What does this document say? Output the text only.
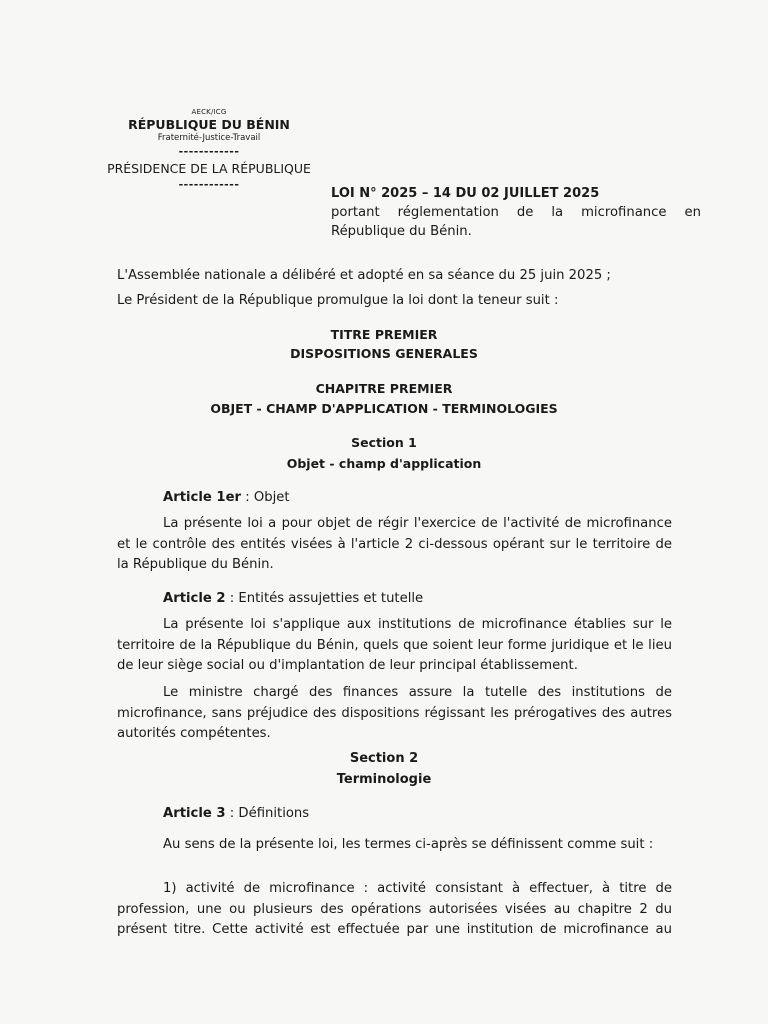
AECK/ICG
RÉPUBLIQUE DU BÉNIN
Fraternité-Justice-Travail
------------
PRÉSIDENCE DE LA RÉPUBLIQUE
------------
LOI N° 2025 – 14 DU 02 JUILLET 2025
portant réglementation de la microfinance en République du Bénin.
L'Assemblée nationale a délibéré et adopté en sa séance du 25 juin 2025 ;
Le Président de la République promulgue la loi dont la teneur suit :
TITRE PREMIER
DISPOSITIONS GENERALES
CHAPITRE PREMIER
OBJET - CHAMP D'APPLICATION - TERMINOLOGIES
Section 1
Objet - champ d'application
Article 1er : Objet
La présente loi a pour objet de régir l'exercice de l'activité de microfinance et le contrôle des entités visées à l'article 2 ci-dessous opérant sur le territoire de la République du Bénin.
Article 2 : Entités assujetties et tutelle
La présente loi s'applique aux institutions de microfinance établies sur le territoire de la République du Bénin, quels que soient leur forme juridique et le lieu de leur siège social ou d'implantation de leur principal établissement.
Le ministre chargé des finances assure la tutelle des institutions de microfinance, sans préjudice des dispositions régissant les prérogatives des autres autorités compétentes.
Section 2
Terminologie
Article 3 : Définitions
Au sens de la présente loi, les termes ci-après se définissent comme suit :
1) activité de microfinance : activité consistant à effectuer, à titre de profession, une ou plusieurs des opérations autorisées visées au chapitre 2 du présent titre. Cette activité est effectuée par une institution de microfinance au
